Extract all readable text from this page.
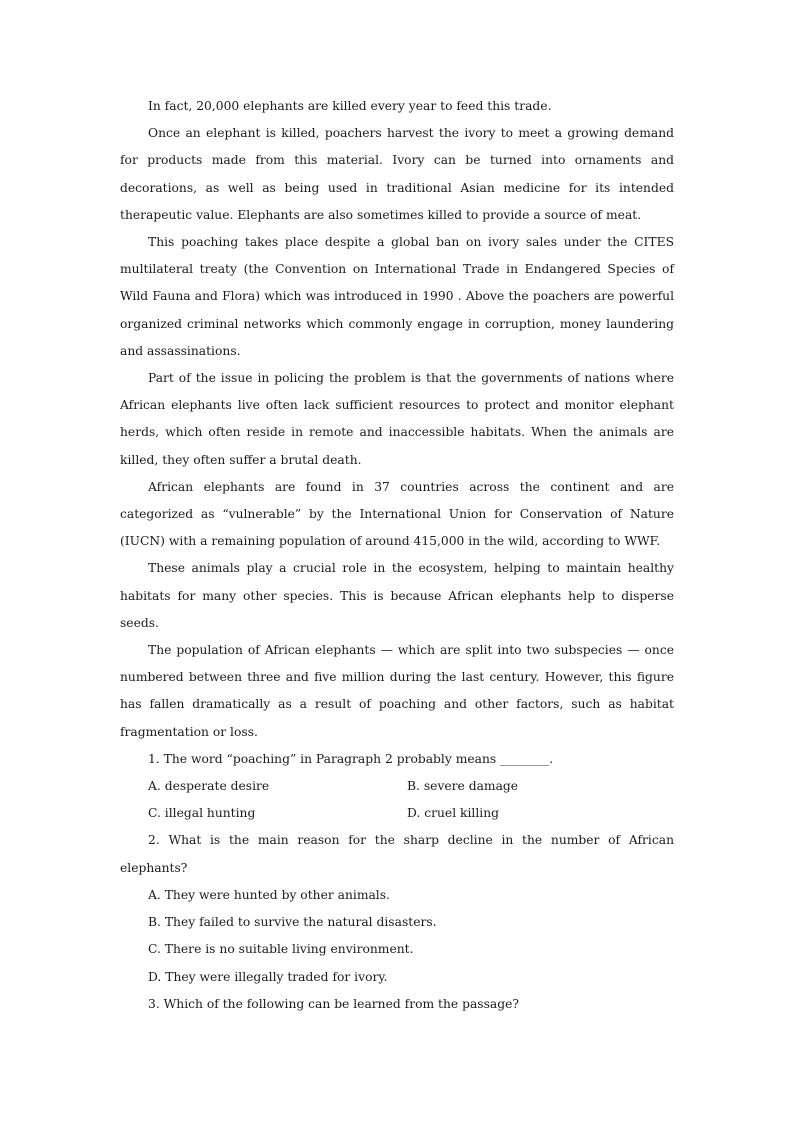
In fact, 20,000 elephants are killed every year to feed this trade.

Once an elephant is killed, poachers harvest the ivory to meet a growing demand for products made from this material. Ivory can be turned into ornaments and decorations, as well as being used in traditional Asian medicine for its intended therapeutic value. Elephants are also sometimes killed to provide a source of meat.

This poaching takes place despite a global ban on ivory sales under the CITES multilateral treaty (the Convention on International Trade in Endangered Species of Wild Fauna and Flora) which was introduced in 1990 . Above the poachers are powerful organized criminal networks which commonly engage in corruption, money laundering and assassinations.

Part of the issue in policing the problem is that the governments of nations where African elephants live often lack sufficient resources to protect and monitor elephant herds, which often reside in remote and inaccessible habitats. When the animals are killed, they often suffer a brutal death.

African elephants are found in 37 countries across the continent and are categorized as “vulnerable” by the International Union for Conservation of Nature (IUCN) with a remaining population of around 415,000 in the wild, according to WWF.

These animals play a crucial role in the ecosystem, helping to maintain healthy habitats for many other species. This is because African elephants help to disperse seeds.

The population of African elephants — which are split into two subspecies — once numbered between three and five million during the last century. However, this figure has fallen dramatically as a result of poaching and other factors, such as habitat fragmentation or loss.

1. The word “poaching” in Paragraph 2 probably means ________.

A. desperate desire	B. severe damage
C. illegal hunting	D. cruel killing

2. What is the main reason for the sharp decline in the number of African elephants?

A. They were hunted by other animals.
B. They failed to survive the natural disasters.
C. There is no suitable living environment.
D. They were illegally traded for ivory.

3. Which of the following can be learned from the passage?
